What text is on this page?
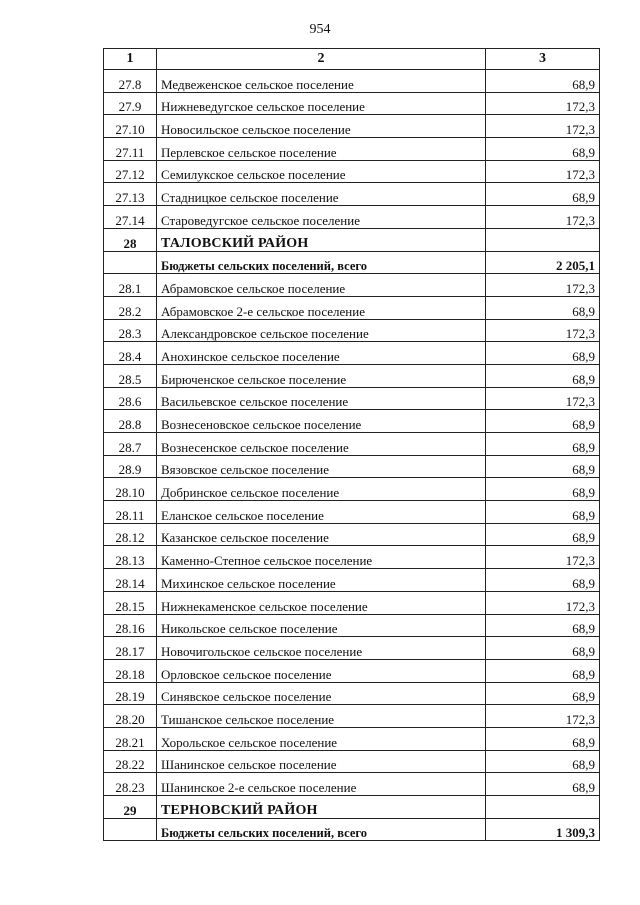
954
1	2	3
27.8	Медвеженское сельское поселение	68,9
27.9	Нижневедугское сельское поселение	172,3
27.10	Новосильское сельское поселение	172,3
27.11	Перлевское сельское поселение	68,9
27.12	Семилукское сельское поселение	172,3
27.13	Стадницкое сельское поселение	68,9
27.14	Староведугское сельское поселение	172,3
28	ТАЛОВСКИЙ РАЙОН	
	Бюджеты сельских поселений, всего	2 205,1
28.1	Абрамовское сельское поселение	172,3
28.2	Абрамовское 2-е сельское поселение	68,9
28.3	Александровское сельское поселение	172,3
28.4	Анохинское сельское поселение	68,9
28.5	Бирюченское сельское поселение	68,9
28.6	Васильевское сельское поселение	172,3
28.8	Вознесеновское сельское поселение	68,9
28.7	Вознесенское сельское поселение	68,9
28.9	Вязовское сельское поселение	68,9
28.10	Добринское сельское поселение	68,9
28.11	Еланское сельское поселение	68,9
28.12	Казанское сельское поселение	68,9
28.13	Каменно-Степное сельское поселение	172,3
28.14	Михинское сельское поселение	68,9
28.15	Нижнекаменское сельское поселение	172,3
28.16	Никольское сельское поселение	68,9
28.17	Новочигольское сельское поселение	68,9
28.18	Орловское сельское поселение	68,9
28.19	Синявское сельское поселение	68,9
28.20	Тишанское сельское поселение	172,3
28.21	Хорольское сельское поселение	68,9
28.22	Шанинское сельское поселение	68,9
28.23	Шанинское 2-е сельское поселение	68,9
29	ТЕРНОВСКИЙ РАЙОН	
	Бюджеты сельских поселений, всего	1 309,3
